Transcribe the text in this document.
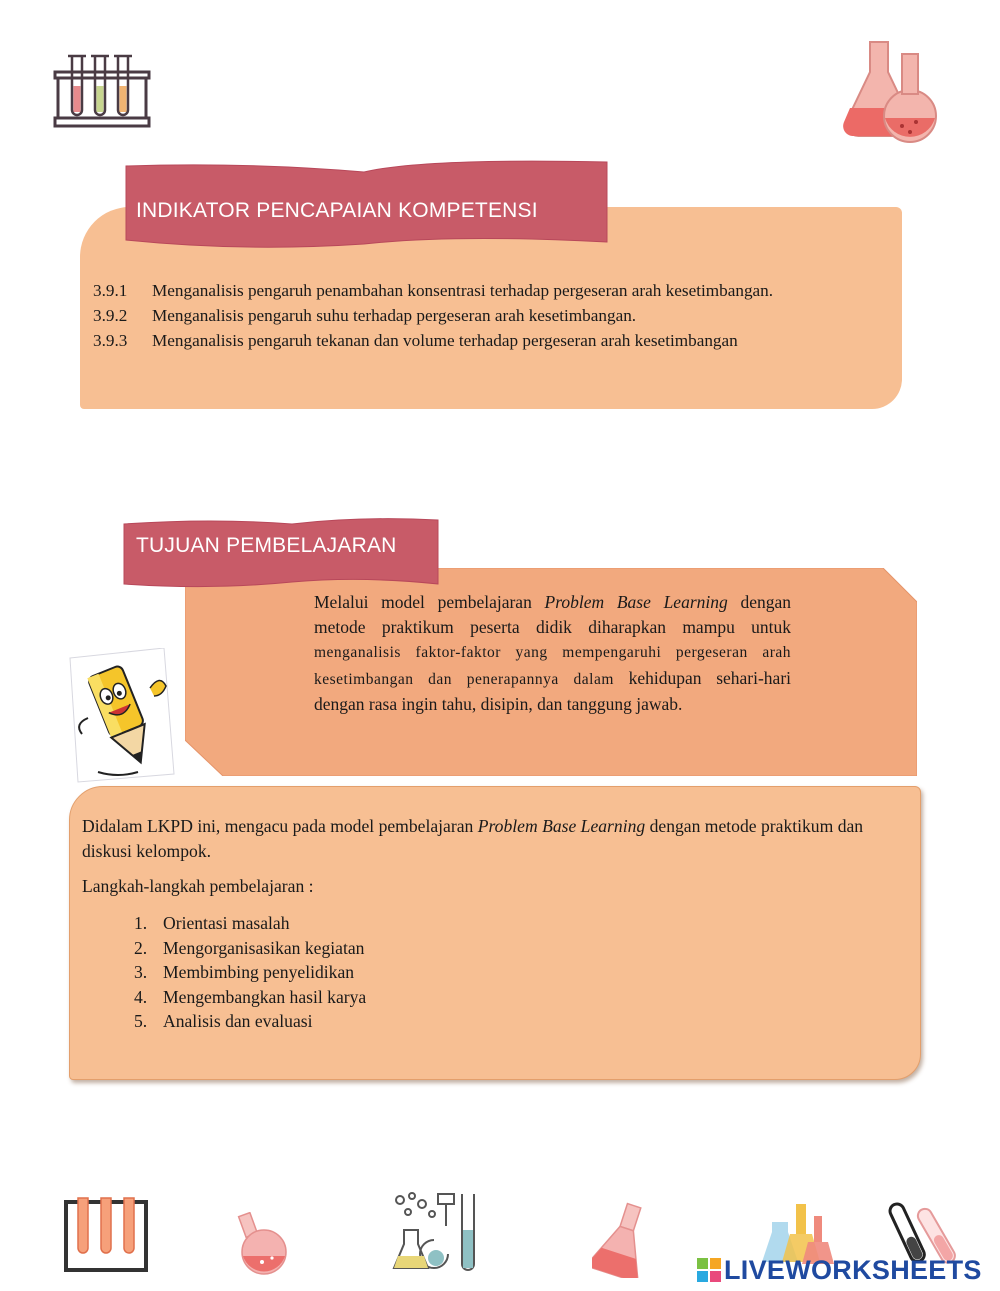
INDIKATOR PENCAPAIAN KOMPETENSI
3.9.1	Menganalisis pengaruh penambahan konsentrasi terhadap pergeseran arah kesetimbangan.
3.9.2	Menganalisis pengaruh suhu terhadap pergeseran arah kesetimbangan.
3.9.3	Menganalisis pengaruh tekanan dan volume terhadap pergeseran arah kesetimbangan
TUJUAN PEMBELAJARAN
Melalui model pembelajaran Problem Base Learning dengan metode praktikum peserta didik diharapkan mampu untuk menganalisis faktor-faktor yang mempengaruhi pergeseran arah kesetimbangan dan penerapannya dalam kehidupan sehari-hari dengan rasa ingin tahu, disipin, dan tanggung jawab.
Didalam LKPD ini, mengacu pada model pembelajaran Problem Base Learning dengan metode praktikum dan diskusi kelompok.
Langkah-langkah pembelajaran :
1. Orientasi masalah
2. Mengorganisasikan kegiatan
3. Membimbing penyelidikan
4. Mengembangkan hasil karya
5. Analisis dan evaluasi
LIVEWORKSHEETS
